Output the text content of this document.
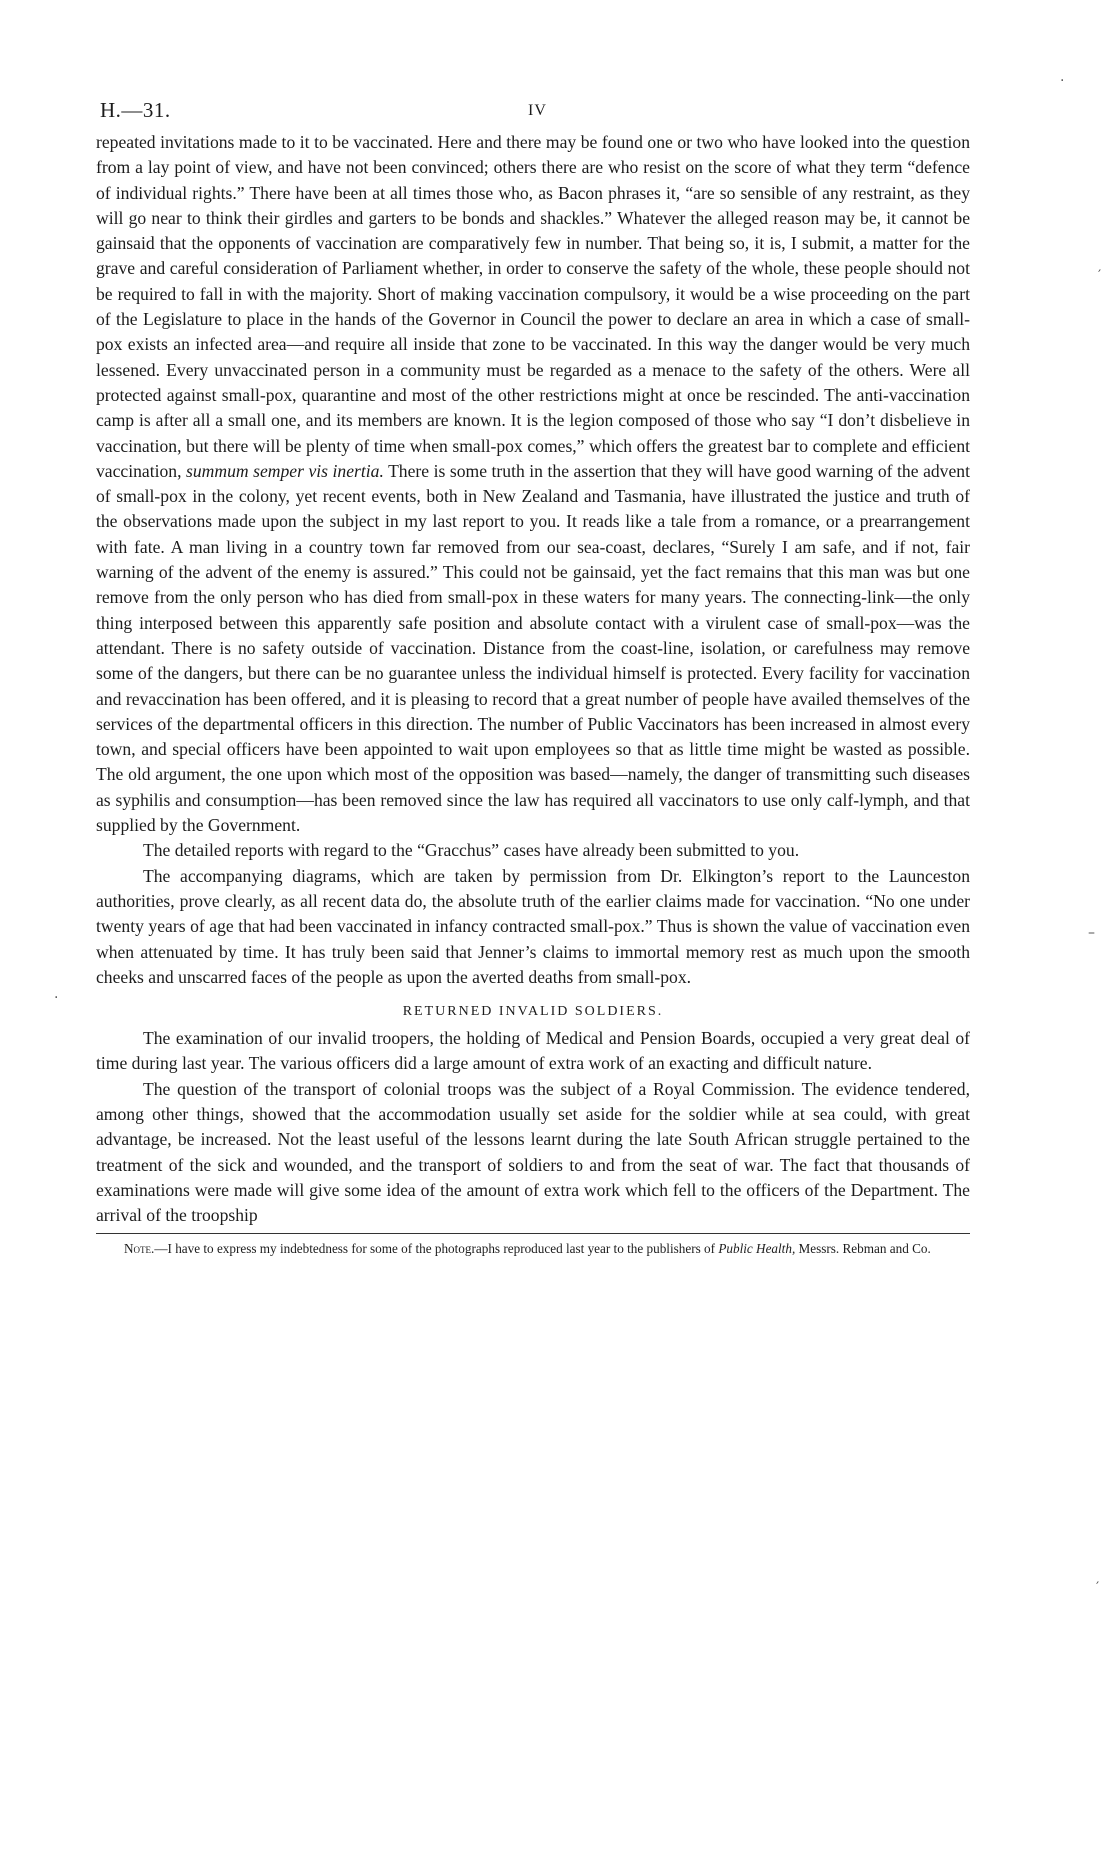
H.—31.	IV

repeated invitations made to it to be vaccinated. Here and there may be found one or two who have looked into the question from a lay point of view, and have not been convinced; others there are who resist on the score of what they term “defence of individual rights.” There have been at all times those who, as Bacon phrases it, “are so sensible of any restraint, as they will go near to think their girdles and garters to be bonds and shackles.” Whatever the alleged reason may be, it cannot be gainsaid that the opponents of vaccination are comparatively few in number. That being so, it is, I submit, a matter for the grave and careful consideration of Parliament whether, in order to conserve the safety of the whole, these people should not be required to fall in with the majority. Short of making vaccination compulsory, it would be a wise proceeding on the part of the Legislature to place in the hands of the Governor in Council the power to declare an area in which a case of small-pox exists an infected area—and require all inside that zone to be vaccinated. In this way the danger would be very much lessened. Every unvaccinated person in a community must be regarded as a menace to the safety of the others. Were all protected against small-pox, quarantine and most of the other restrictions might at once be rescinded. The anti-vaccination camp is after all a small one, and its members are known. It is the legion composed of those who say “I don’t disbelieve in vaccination, but there will be plenty of time when small-pox comes,” which offers the greatest bar to complete and efficient vaccination, summum semper vis inertia. There is some truth in the assertion that they will have good warning of the advent of small-pox in the colony, yet recent events, both in New Zealand and Tasmania, have illustrated the justice and truth of the observations made upon the subject in my last report to you. It reads like a tale from a romance, or a prearrangement with fate. A man living in a country town far removed from our sea-coast, declares, “Surely I am safe, and if not, fair warning of the advent of the enemy is assured.” This could not be gainsaid, yet the fact remains that this man was but one remove from the only person who has died from small-pox in these waters for many years. The connecting-link—the only thing interposed between this apparently safe position and absolute contact with a virulent case of small-pox—was the attendant. There is no safety outside of vaccination. Distance from the coast-line, isolation, or carefulness may remove some of the dangers, but there can be no guarantee unless the individual himself is protected. Every facility for vaccination and revaccination has been offered, and it is pleasing to record that a great number of people have availed themselves of the services of the departmental officers in this direction. The number of Public Vaccinators has been increased in almost every town, and special officers have been appointed to wait upon employees so that as little time might be wasted as possible. The old argument, the one upon which most of the opposition was based—namely, the danger of transmitting such diseases as syphilis and consumption—has been removed since the law has required all vaccinators to use only calf-lymph, and that supplied by the Government.

The detailed reports with regard to the “Gracchus” cases have already been submitted to you.

The accompanying diagrams, which are taken by permission from Dr. Elkington’s report to the Launceston authorities, prove clearly, as all recent data do, the absolute truth of the earlier claims made for vaccination. “No one under twenty years of age that had been vaccinated in infancy contracted small-pox.” Thus is shown the value of vaccination even when attenuated by time. It has truly been said that Jenner’s claims to immortal memory rest as much upon the smooth cheeks and unscarred faces of the people as upon the averted deaths from small-pox.

RETURNED INVALID SOLDIERS.

The examination of our invalid troopers, the holding of Medical and Pension Boards, occupied a very great deal of time during last year. The various officers did a large amount of extra work of an exacting and difficult nature.

The question of the transport of colonial troops was the subject of a Royal Commission. The evidence tendered, among other things, showed that the accommodation usually set aside for the soldier while at sea could, with great advantage, be increased. Not the least useful of the lessons learnt during the late South African struggle pertained to the treatment of the sick and wounded, and the transport of soldiers to and from the seat of war. The fact that thousands of examinations were made will give some idea of the amount of extra work which fell to the officers of the Department. The arrival of the troopship

Note.—I have to express my indebtedness for some of the photographs reproduced last year to the publishers of Public Health, Messrs. Rebman and Co.

·
′
–
·
′
